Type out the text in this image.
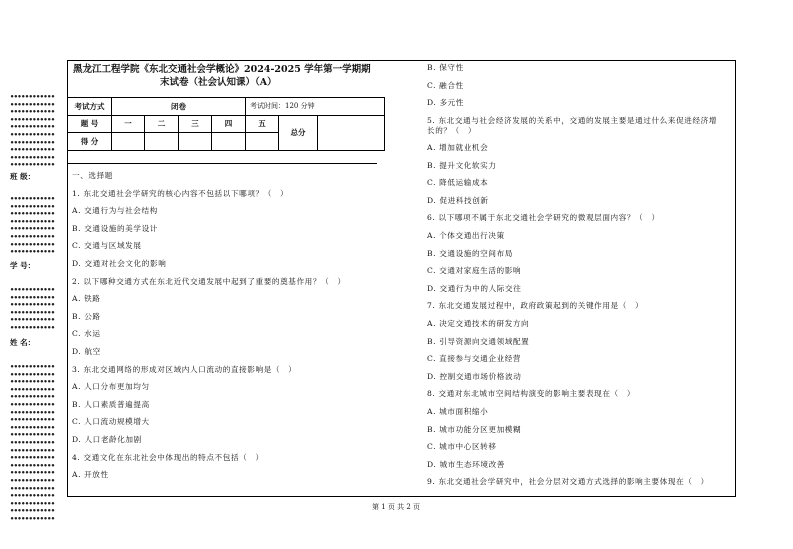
••••••••••••
••••••••••••
••••••••••••
••••••••••••
••••••••••••
••••••••••••
••••••••••••
••••••••••••
••••••••••••
••••••••••••
班 级：
••••••••••••
••••••••••••
••••••••••••
••••••••••••
••••••••••••
••••••••••••
••••••••••••
••••••••••••
学 号：
••••••••••••
••••••••••••
••••••••••••
••••••••••••
••••••••••••
••••••••••••
姓 名：
••••••••••••
••••••••••••
••••••••••••
••••••••••••
••••••••••••
••••••••••••
••••••••••••
••••••••••••
••••••••••••
••••••••••••
••••••••••••
••••••••••••
••••••••••••
••••••••••••
••••••••••••
••••••••••••
••••••••••••
••••••••••••
••••••••••••
••••••••••••
••••••••••••
黑龙江工程学院《东北交通社会学概论》2024-2025 学年第一学期期
末试卷（社会认知课）（A）
考试方式	闭卷				考试时间：120 分钟		
题 号	一	二	三	四	五	总分	
得 分							
一、选择题
1. 东北交通社会学研究的核心内容不包括以下哪项？（　）
A. 交通行为与社会结构
B. 交通设施的美学设计
C. 交通与区域发展
D. 交通对社会文化的影响
2. 以下哪种交通方式在东北近代交通发展中起到了重要的奠基作用？（　）
A. 铁路
B. 公路
C. 水运
D. 航空
3. 东北交通网络的形成对区域内人口流动的直接影响是（　）
A. 人口分布更加均匀
B. 人口素质普遍提高
C. 人口流动规模增大
D. 人口老龄化加剧
4. 交通文化在东北社会中体现出的特点不包括（　）
A. 开放性
B. 保守性
C. 融合性
D. 多元性
5. 东北交通与社会经济发展的关系中，交通的发展主要是通过什么来促进经济增
长的？（　）
A. 增加就业机会
B. 提升文化软实力
C. 降低运输成本
D. 促进科技创新
6. 以下哪项不属于东北交通社会学研究的微观层面内容？（　）
A. 个体交通出行决策
B. 交通设施的空间布局
C. 交通对家庭生活的影响
D. 交通行为中的人际交往
7. 东北交通发展过程中，政府政策起到的关键作用是（　）
A. 决定交通技术的研发方向
B. 引导资源向交通领域配置
C. 直接参与交通企业经营
D. 控制交通市场价格波动
8. 交通对东北城市空间结构演变的影响主要表现在（　）
A. 城市面积缩小
B. 城市功能分区更加模糊
C. 城市中心区转移
D. 城市生态环境改善
9. 东北交通社会学研究中，社会分层对交通方式选择的影响主要体现在（　）
第 1 页 共 2 页
